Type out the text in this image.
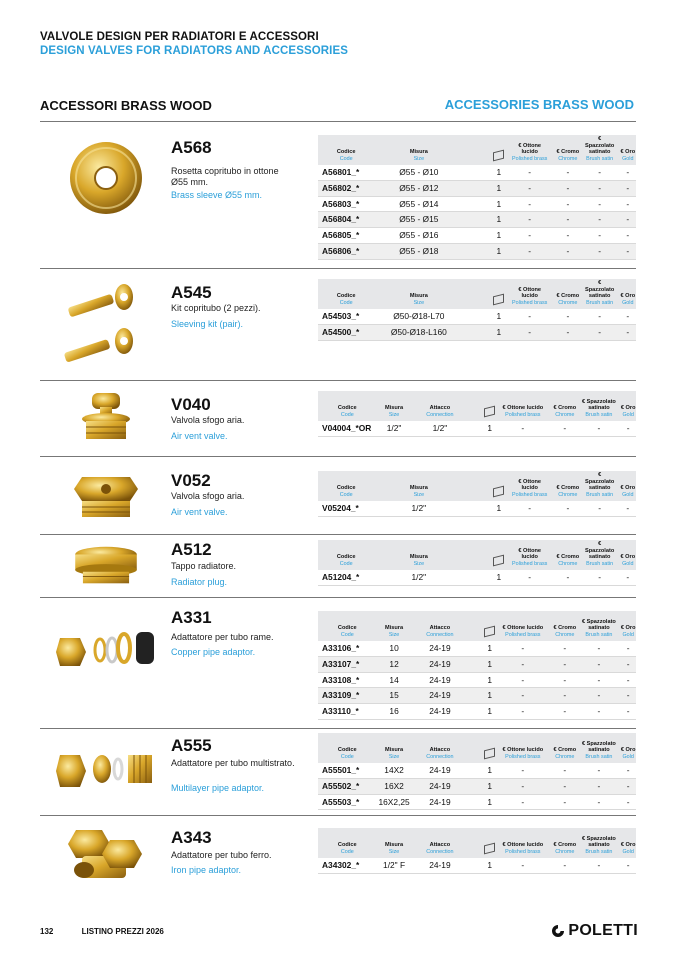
VALVOLE DESIGN PER RADIATORI E ACCESSORI
DESIGN VALVES FOR RADIATORS AND ACCESSORIES
ACCESSORI BRASS WOOD	ACCESSORIES BRASS WOOD
A568
Rosetta copritubo in ottone Ø55 mm.
Brass sleeve Ø55 mm.
Codice
Code
Misura
Size
€ Ottone lucido
Polished brass
€ Cromo
Chrome
€ Spazzolato satinato
Brush satin
€ Oro
Gold
A56801_*	Ø55 - Ø10	1	-	-	-	-
A56802_*	Ø55 - Ø12	1	-	-	-	-
A56803_*	Ø55 - Ø14	1	-	-	-	-
A56804_*	Ø55 - Ø15	1	-	-	-	-
A56805_*	Ø55 - Ø16	1	-	-	-	-
A56806_*	Ø55 - Ø18	1	-	-	-	-
A545
Kit copritubo (2 pezzi).
Sleeving kit (pair).
Codice
Code
Misura
Size
€ Ottone lucido
Polished brass
€ Cromo
Chrome
€ Spazzolato satinato
Brush satin
€ Oro
Gold
A54503_*	Ø50-Ø18-L70	1	-	-	-	-
A54500_*	Ø50-Ø18-L160	1	-	-	-	-
V040
Valvola sfogo aria.
Air vent valve.
Codice
Code
Misura
Size
Attacco
Connection
€ Ottone lucido
Polished brass
€ Cromo
Chrome
€ Spazzolato satinato
Brush satin
€ Oro
Gold
V04004_*OR	1/2"	1/2"	1	-	-	-	-
V052
Valvola sfogo aria.
Air vent valve.
Codice
Code
Misura
Size
€ Ottone lucido
Polished brass
€ Cromo
Chrome
€ Spazzolato satinato
Brush satin
€ Oro
Gold
V05204_*	1/2"	1	-	-	-	-
A512
Tappo radiatore.
Radiator plug.
Codice
Code
Misura
Size
€ Ottone lucido
Polished brass
€ Cromo
Chrome
€ Spazzolato satinato
Brush satin
€ Oro
Gold
A51204_*	1/2"	1	-	-	-	-
A331
Adattatore per tubo rame.
Copper pipe adaptor.
Codice
Code
Misura
Size
Attacco
Connection
€ Ottone lucido
Polished brass
€ Cromo
Chrome
€ Spazzolato satinato
Brush satin
€ Oro
Gold
A33106_*	10	24-19	1	-	-	-	-
A33107_*	12	24-19	1	-	-	-	-
A33108_*	14	24-19	1	-	-	-	-
A33109_*	15	24-19	1	-	-	-	-
A33110_*	16	24-19	1	-	-	-	-
A555
Adattatore per tubo multistrato.
Multilayer pipe adaptor.
Codice
Code
Misura
Size
Attacco
Connection
€ Ottone lucido
Polished brass
€ Cromo
Chrome
€ Spazzolato satinato
Brush satin
€ Oro
Gold
A55501_*	14X2	24-19	1	-	-	-	-
A55502_*	16X2	24-19	1	-	-	-	-
A55503_*	16X2,25	24-19	1	-	-	-	-
A343
Adattatore per tubo ferro.
Iron pipe adaptor.
Codice
Code
Misura
Size
Attacco
Connection
€ Ottone lucido
Polished brass
€ Cromo
Chrome
€ Spazzolato satinato
Brush satin
€ Oro
Gold
A34302_*	1/2" F	24-19	1	-	-	-	-
132	LISTINO PREZZI 2026	POLETTI
